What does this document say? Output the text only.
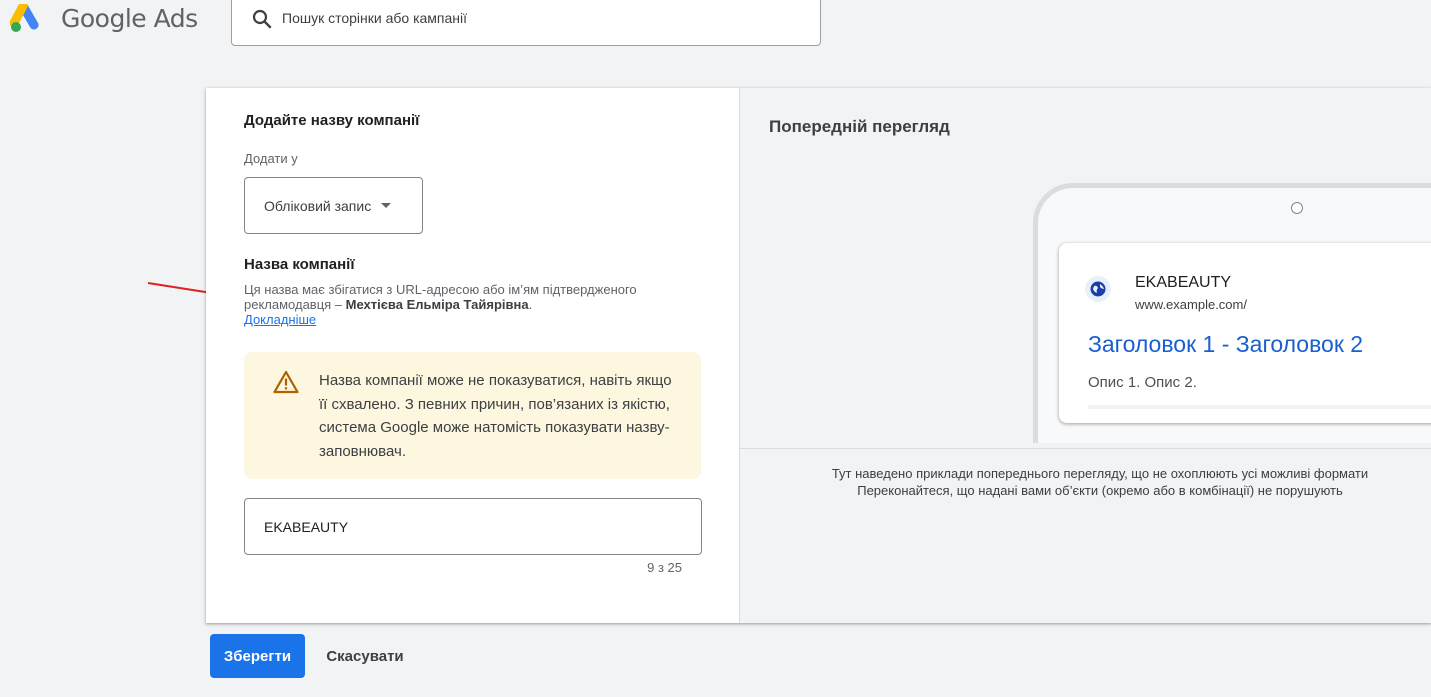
Google Ads
Пошук сторінки або кампанії
Додайте назву компанії
Додати у
Обліковий запис
Назва компанії
Ця назва має збігатися з URL-адресою або ім’ям підтвердженого рекламодавця – Мехтієва Ельміра Тайярівна.
Докладніше
Назва компанії може не показуватися, навіть якщо її схвалено. З певних причин, пов’язаних із якістю, система Google може натомість показувати назву-заповнювач.
EKABEAUTY
9 з 25
Попередній перегляд
EKABEAUTY
www.example.com/
Заголовок 1 - Заголовок 2
Опис 1. Опис 2.
Тут наведено приклади попереднього перегляду, що не охоплюють усі можливі формати
Переконайтеся, що надані вами об’єкти (окремо або в комбінації) не порушують
Зберегти	Скасувати
